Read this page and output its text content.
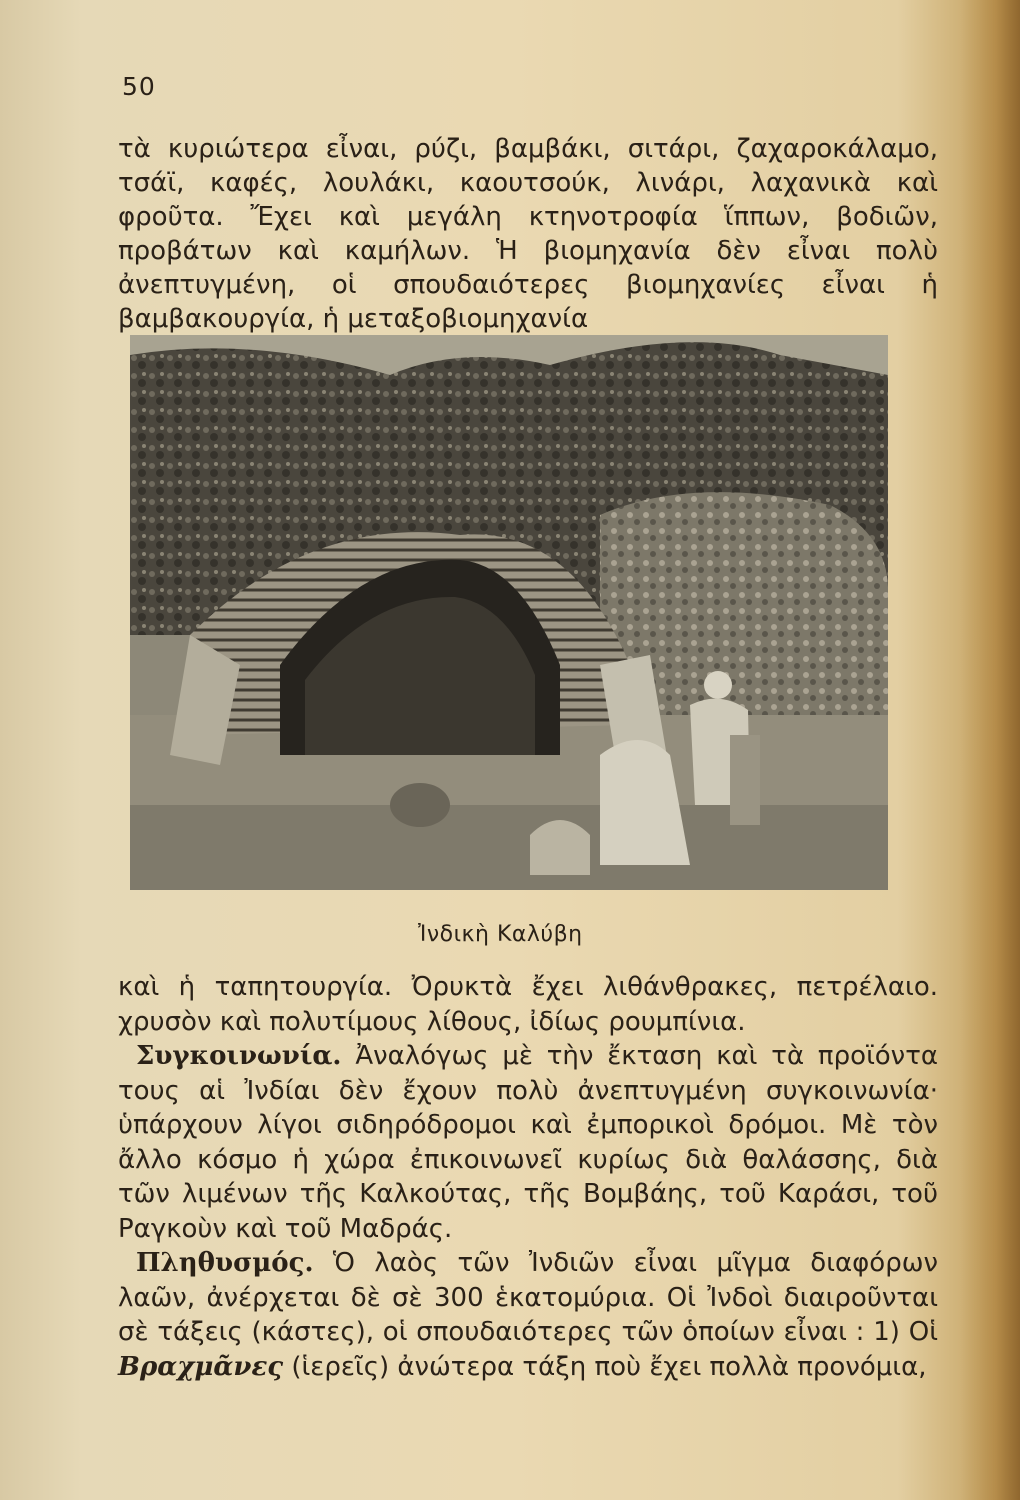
50

τὰ κυριώτερα εἶναι, ρύζι, βαμβάκι, σιτάρι, ζαχαροκάλαμο, τσάϊ, καφές, λουλάκι, καουτσούκ, λινάρι, λαχανικὰ καὶ φροῦτα. Ἔχει καὶ μεγάλη κτηνοτροφία ἵππων, βοδιῶν, προβάτων καὶ καμήλων. Ἡ βιομηχανία δὲν εἶναι πολὺ ἀνεπτυγμένη, οἱ σπουδαιότερες βιομηχανίες εἶναι ἡ βαμβακουργία, ἡ μεταξοβιομηχανία

Ἰνδικὴ Καλύβη

καὶ ἡ ταπητουργία. Ὀρυκτὰ ἔχει λιθάνθρακες, πετρέλαιο. χρυσὸν καὶ πολυτίμους λίθους, ἰδίως ρουμπίνια.

Συγκοινωνία. Ἀναλόγως μὲ τὴν ἔκταση καὶ τὰ προϊόντα τους αἱ Ἰνδίαι δὲν ἔχουν πολὺ ἀνεπτυγμένη συγκοινωνία· ὑπάρχουν λίγοι σιδηρόδρομοι καὶ ἐμπορικοὶ δρόμοι. Μὲ τὸν ἄλλο κόσμο ἡ χώρα ἐπικοινωνεῖ κυρίως διὰ θαλάσσης, διὰ τῶν λιμένων τῆς Καλκούτας, τῆς Βομβάης, τοῦ Καράσι, τοῦ Ραγκοὺν καὶ τοῦ Μαδράς.

Πληθυσμός. Ὁ λαὸς τῶν Ἰνδιῶν εἶναι μῖγμα διαφόρων λαῶν, ἀνέρχεται δὲ σὲ 300 ἑκατομύρια. Οἱ Ἰνδοὶ διαιροῦνται σὲ τάξεις (κάστες), οἱ σπουδαιότερες τῶν ὁποίων εἶναι : 1) Οἱ Βραχμᾶνες (ἱερεῖς) ἀνώτερα τάξη ποὺ ἔχει πολλὰ προνόμια,
